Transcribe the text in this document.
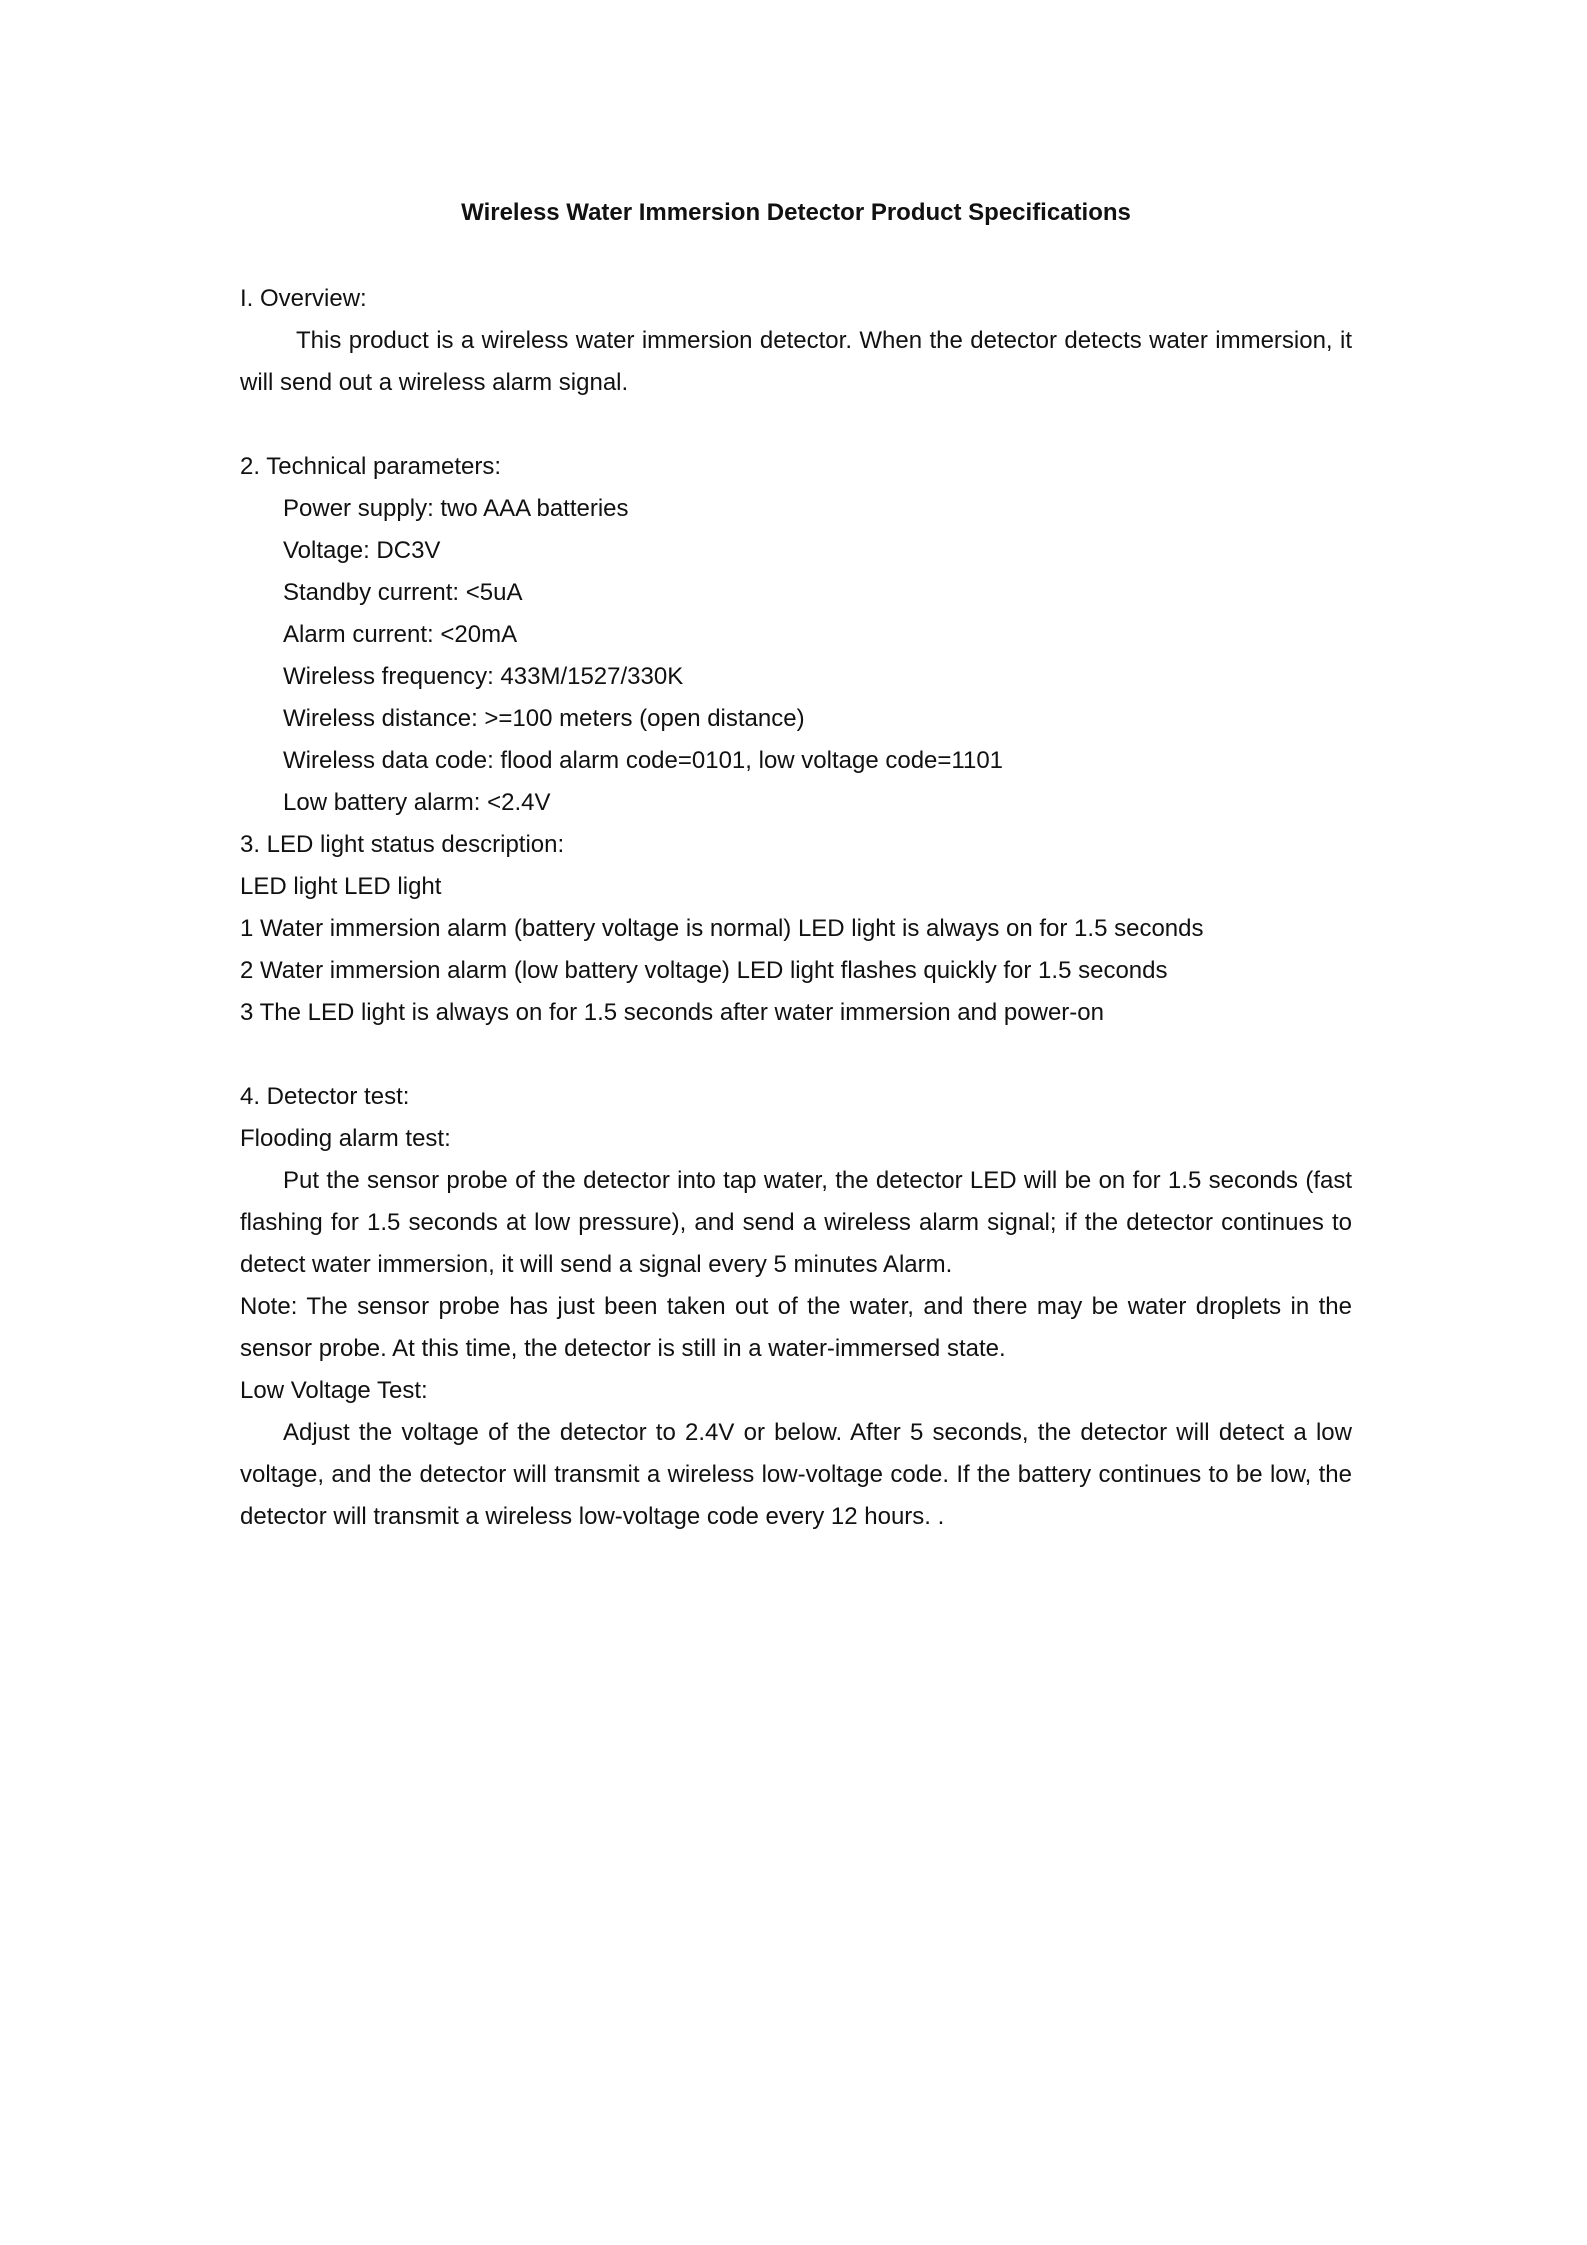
Wireless Water Immersion Detector Product Specifications
I. Overview:
This product is a wireless water immersion detector. When the detector detects water immersion, it will send out a wireless alarm signal.
2. Technical parameters:
Power supply: two AAA batteries
Voltage: DC3V
Standby current: <5uA
Alarm current: <20mA
Wireless frequency: 433M/1527/330K
Wireless distance: >=100 meters (open distance)
Wireless data code: flood alarm code=0101, low voltage code=1101
Low battery alarm: <2.4V
3. LED light status description:
LED light LED light
1 Water immersion alarm (battery voltage is normal) LED light is always on for 1.5 seconds
2 Water immersion alarm (low battery voltage) LED light flashes quickly for 1.5 seconds
3 The LED light is always on for 1.5 seconds after water immersion and power-on
4. Detector test:
Flooding alarm test:
Put the sensor probe of the detector into tap water, the detector LED will be on for 1.5 seconds (fast flashing for 1.5 seconds at low pressure), and send a wireless alarm signal; if the detector continues to detect water immersion, it will send a signal every 5 minutes Alarm.
Note: The sensor probe has just been taken out of the water, and there may be water droplets in the sensor probe. At this time, the detector is still in a water-immersed state.
Low Voltage Test:
Adjust the voltage of the detector to 2.4V or below. After 5 seconds, the detector will detect a low voltage, and the detector will transmit a wireless low-voltage code. If the battery continues to be low, the detector will transmit a wireless low-voltage code every 12 hours. .
